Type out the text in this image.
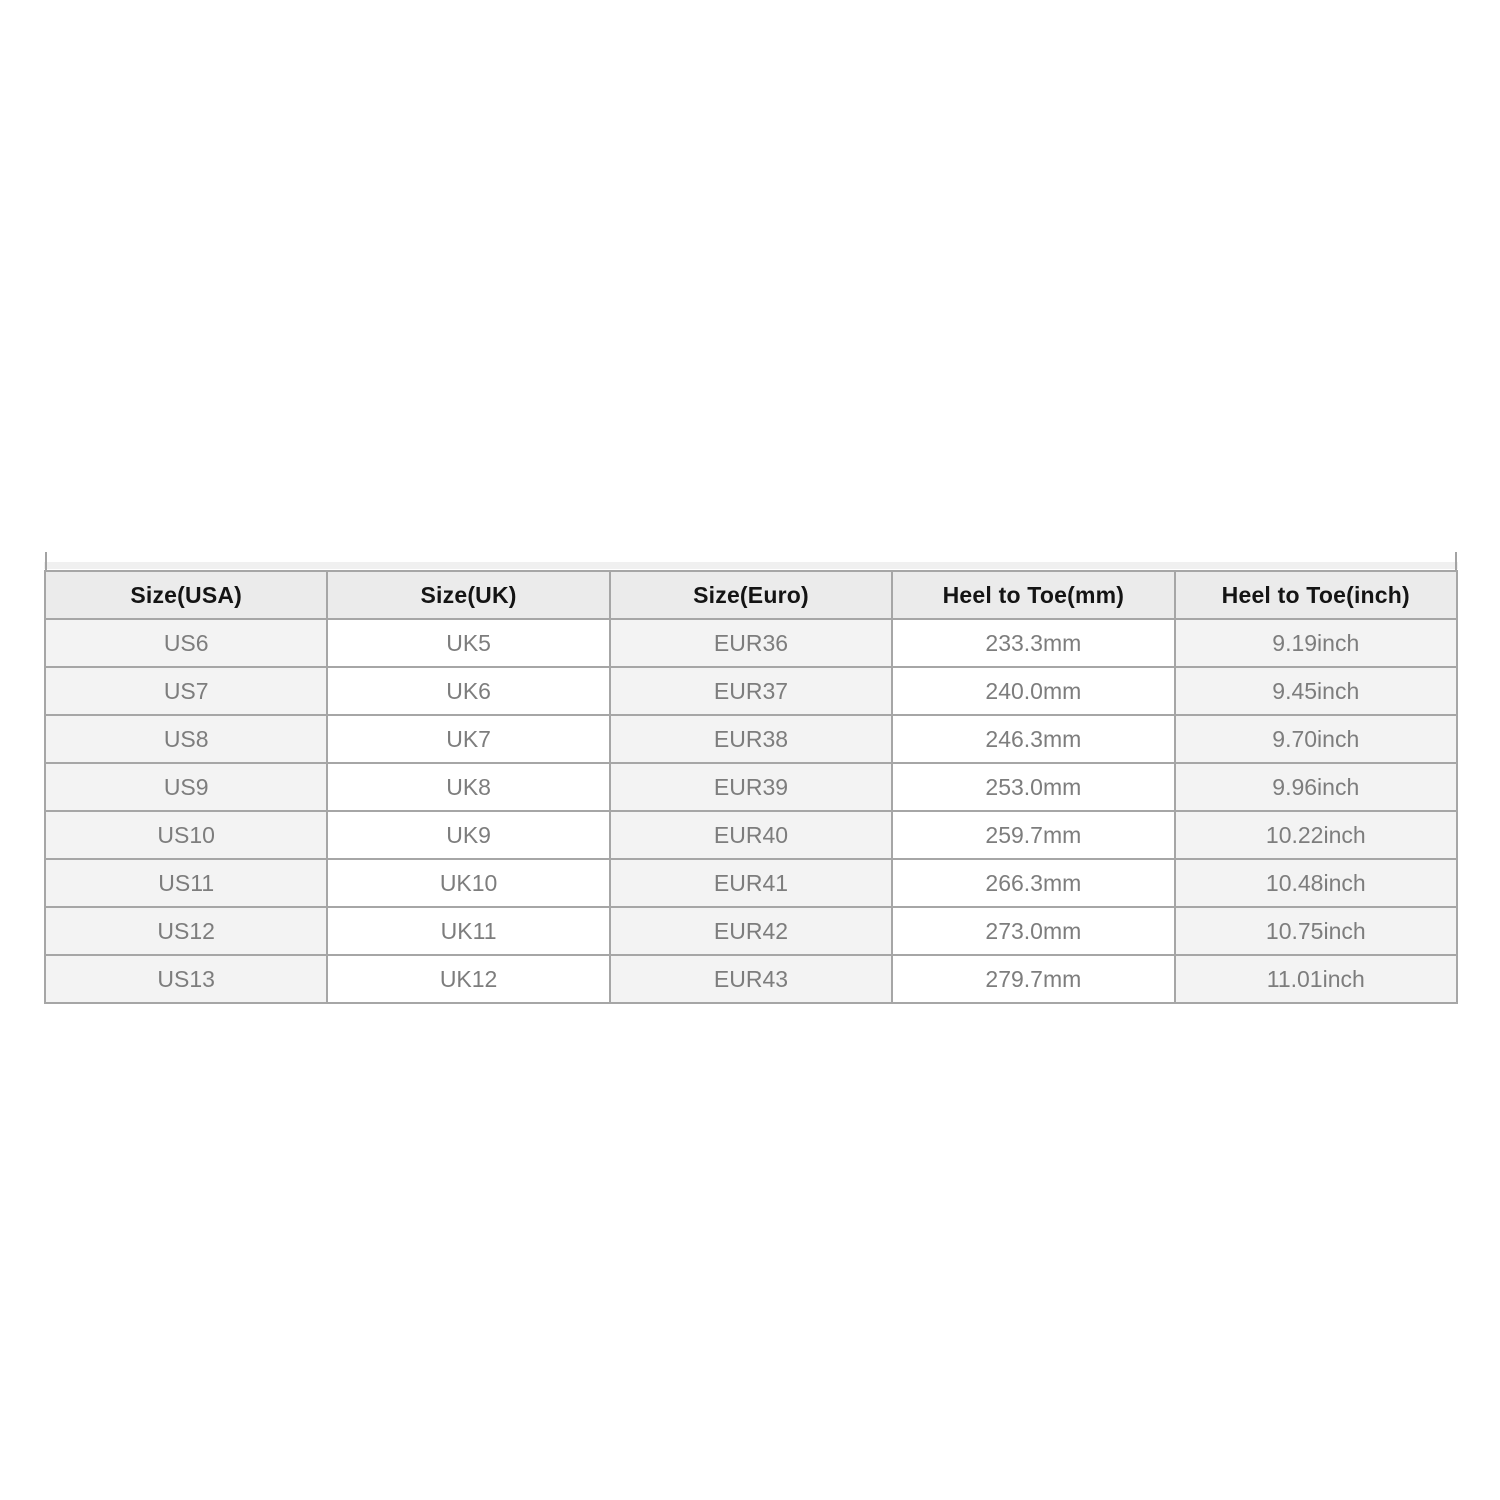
Size(USA)	Size(UK)	Size(Euro)	Heel to Toe(mm)	Heel to Toe(inch)
US6	UK5	EUR36	233.3mm	9.19inch
US7	UK6	EUR37	240.0mm	9.45inch
US8	UK7	EUR38	246.3mm	9.70inch
US9	UK8	EUR39	253.0mm	9.96inch
US10	UK9	EUR40	259.7mm	10.22inch
US11	UK10	EUR41	266.3mm	10.48inch
US12	UK11	EUR42	273.0mm	10.75inch
US13	UK12	EUR43	279.7mm	11.01inch
